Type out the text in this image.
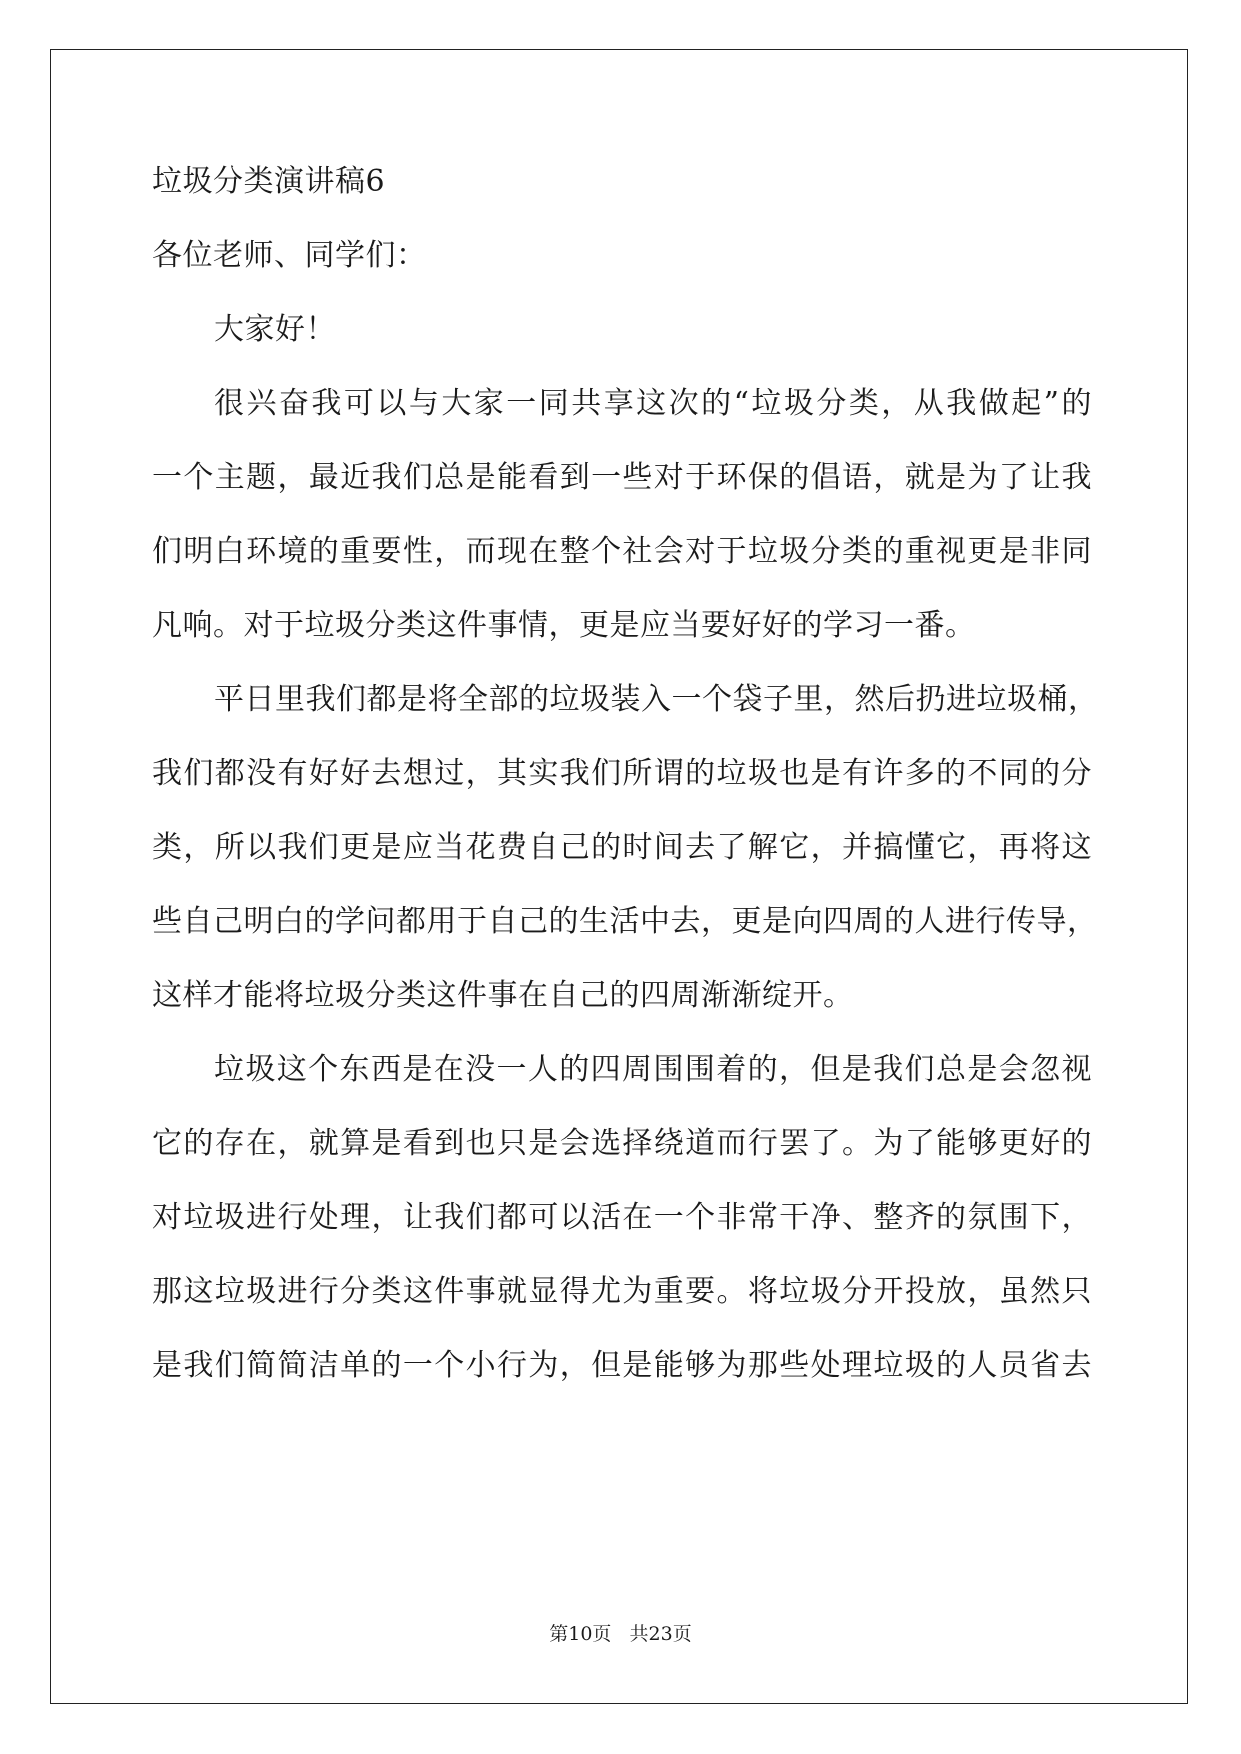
垃圾分类演讲稿6
各位老师、同学们：
大家好！
很兴奋我可以与大家一同共享这次的“垃圾分类，从我做起”的
一个主题，最近我们总是能看到一些对于环保的倡语，就是为了让我
们明白环境的重要性，而现在整个社会对于垃圾分类的重视更是非同
凡响。对于垃圾分类这件事情，更是应当要好好的学习一番。
平日里我们都是将全部的垃圾装入一个袋子里，然后扔进垃圾桶，
我们都没有好好去想过，其实我们所谓的垃圾也是有许多的不同的分
类，所以我们更是应当花费自己的时间去了解它，并搞懂它，再将这
些自己明白的学问都用于自己的生活中去，更是向四周的人进行传导，
这样才能将垃圾分类这件事在自己的四周渐渐绽开。
垃圾这个东西是在没一人的四周围围着的，但是我们总是会忽视
它的存在，就算是看到也只是会选择绕道而行罢了。为了能够更好的
对垃圾进行处理，让我们都可以活在一个非常干净、整齐的氛围下，
那这垃圾进行分类这件事就显得尤为重要。将垃圾分开投放，虽然只
是我们简简洁单的一个小行为，但是能够为那些处理垃圾的人员省去
第10页   共23页
